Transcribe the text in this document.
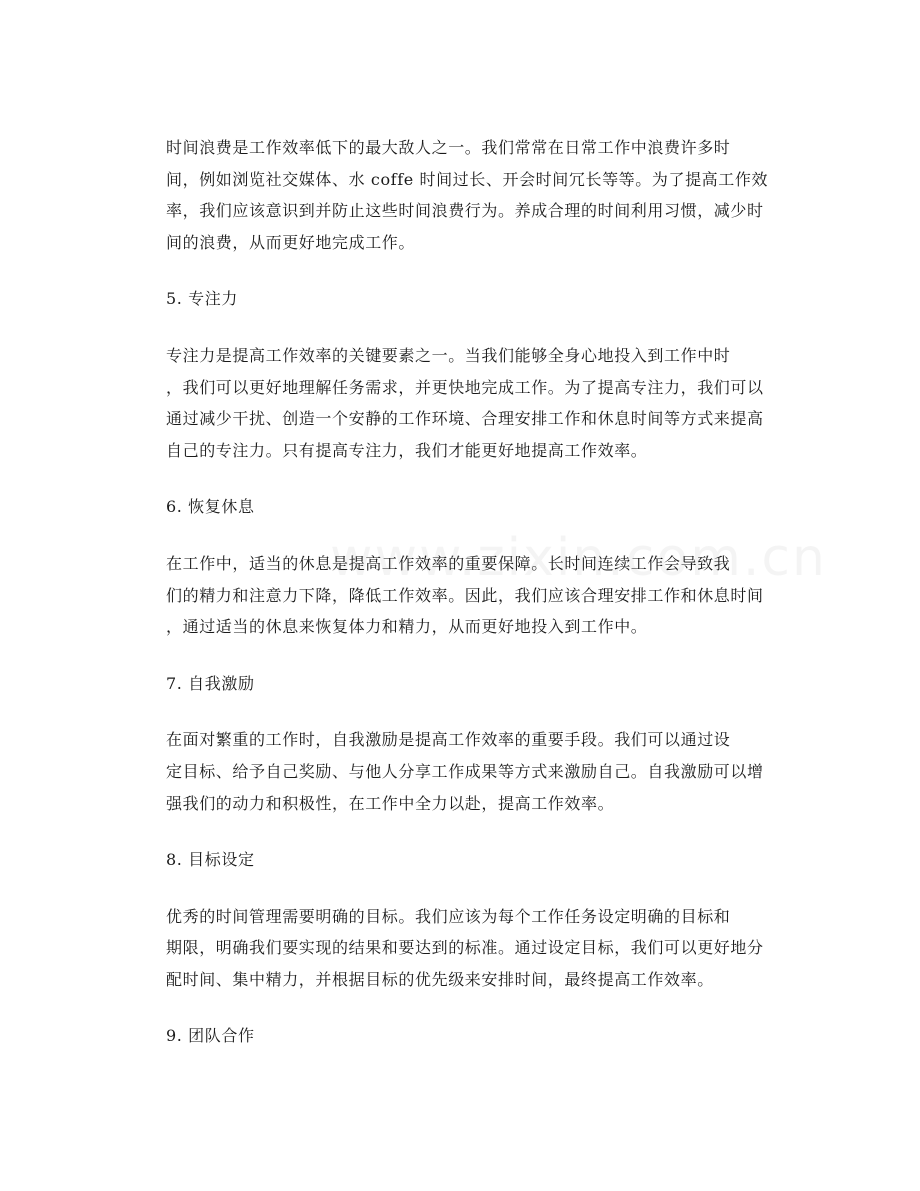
时间浪费是工作效率低下的最大敌人之一。我们常常在日常工作中浪费许多时
间，例如浏览社交媒体、水 coffe 时间过长、开会时间冗长等等。为了提高工作效
率，我们应该意识到并防止这些时间浪费行为。养成合理的时间利用习惯，减少时
间的浪费，从而更好地完成工作。

5. 专注力

专注力是提高工作效率的关键要素之一。当我们能够全身心地投入到工作中时
，我们可以更好地理解任务需求，并更快地完成工作。为了提高专注力，我们可以
通过减少干扰、创造一个安静的工作环境、合理安排工作和休息时间等方式来提高
自己的专注力。只有提高专注力，我们才能更好地提高工作效率。

6. 恢复休息

在工作中，适当的休息是提高工作效率的重要保障。长时间连续工作会导致我
们的精力和注意力下降，降低工作效率。因此，我们应该合理安排工作和休息时间
，通过适当的休息来恢复体力和精力，从而更好地投入到工作中。

7. 自我激励

在面对繁重的工作时，自我激励是提高工作效率的重要手段。我们可以通过设
定目标、给予自己奖励、与他人分享工作成果等方式来激励自己。自我激励可以增
强我们的动力和积极性，在工作中全力以赴，提高工作效率。

8. 目标设定

优秀的时间管理需要明确的目标。我们应该为每个工作任务设定明确的目标和
期限，明确我们要实现的结果和要达到的标准。通过设定目标，我们可以更好地分
配时间、集中精力，并根据目标的优先级来安排时间，最终提高工作效率。

9. 团队合作
